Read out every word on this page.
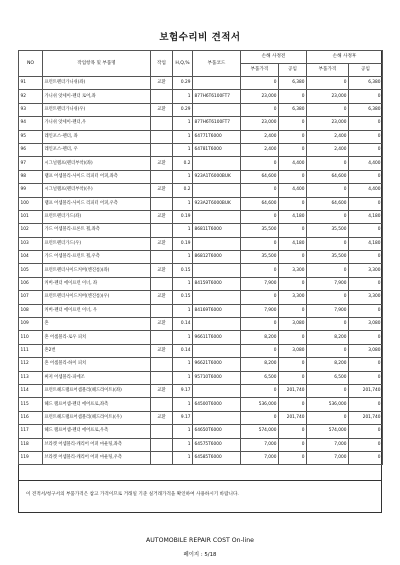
보험수리비 견적서
NO	작업항목 및 부품명	작업	H,Q,%	부품코드	손해 사정전		손해 사정후	
					부품가격	공임	부품가격	공임
91	프런트펜더가니쉬(좌)	교환	0.29		0	6,380	0	6,380
92	가니쉬 앗세이-펜더 로어,좌		1	877H6T6100FT7	23,000	0	23,000	0
93	프런트펜더가니쉬(우)	교환	0.29		0	6,380	0	6,380
94	가니쉬 앗세이-펜더,우		1	877H6T6100FT7	23,000	0	23,000	0
95	레인포스-펜더, 좌		1	64771T6000	2,400	0	2,400	0
96	레인포스-펜더, 우		1	64781T6000	2,400	0	2,400	0
97	시그널램프(펜더부착)(좌)	교환	0.2		0	4,400	0	4,400
98	램프 어셈블리-사이드 리피터 어퍼,좌측		1	923A1T6000BUK	64,600	0	64,600	0
99	시그널램프(펜더부착)(우)	교환	0.2		0	4,400	0	4,400
100	램프 어셈블리-사이드 리피터 어퍼,우측		1	923A2T6000BUK	64,600	0	64,600	0
101	프런트펜더가드(좌)	교환	0.19		0	4,180	0	4,180
102	가드 어셈블리-프론트 휠,좌측		1	86811T6000	35,500	0	35,500	0
103	프런트펜더가드(우)	교환	0.19		0	4,180	0	4,180
104	가드 어셈블리-프런트 휠,우측		1	86812T6000	35,500	0	35,500	0
105	프런트펜더사이드커버(엔진룸)(좌)	교환	0.15		0	3,300	0	3,300
106	커버-펜더 에이프런 이너, 좌		1	84159T6000	7,900	0	7,900	0
107	프런트펜더사이드커버(엔진룸)(우)	교환	0.15		0	3,300	0	3,300
108	커버-펜더 에이프런 이너, 우		1	84169T6000	7,900	0	7,900	0
109	혼	교환	0.14		0	3,080	0	3,080
110	혼 어셈블리-로우 피치		1	96611T6000	8,200	0	8,200	0
111	혼2번	교환	0.14		0	3,080	0	3,080
112	혼 어셈블리-하이 피치		1	96621T6000	8,200	0	8,200	0
113	써저 어셈블리-피에조		1	95710T6000	6,500	0	6,500	0
114	프런트헤드램프어셈블리(헤드라이트)(좌)	교환	9.17		0	201,740	0	201,740
115	헤드 램프어셈-펜더 에어프로,좌측		1	64500T6000	536,000	0	536,000	0
116	프런트헤드램프어셈블리(헤드라이트)(우)	교환	9.17		0	201,740	0	201,740
117	헤드 램프어셈-펜더 에어프로,우측		1	64650T6000	574,000	0	574,000	0
118	브라켓 어셈블리-캐리어 어퍼 마운팅,좌측		1	64575T6000	7,000	0	7,000	0
119	브라켓 어셈블리-캐리어 어퍼 마운팅,우측		1	64585T6000	7,000	0	7,000	0
이 견적서/청구서의 부품가격은 참고 가격이므로 거래일 기준 실거래가격을 확인하여 사용하시기 바랍니다.
AUTOMOBILE REPAIR COST On-line
페이지 : 5/18
